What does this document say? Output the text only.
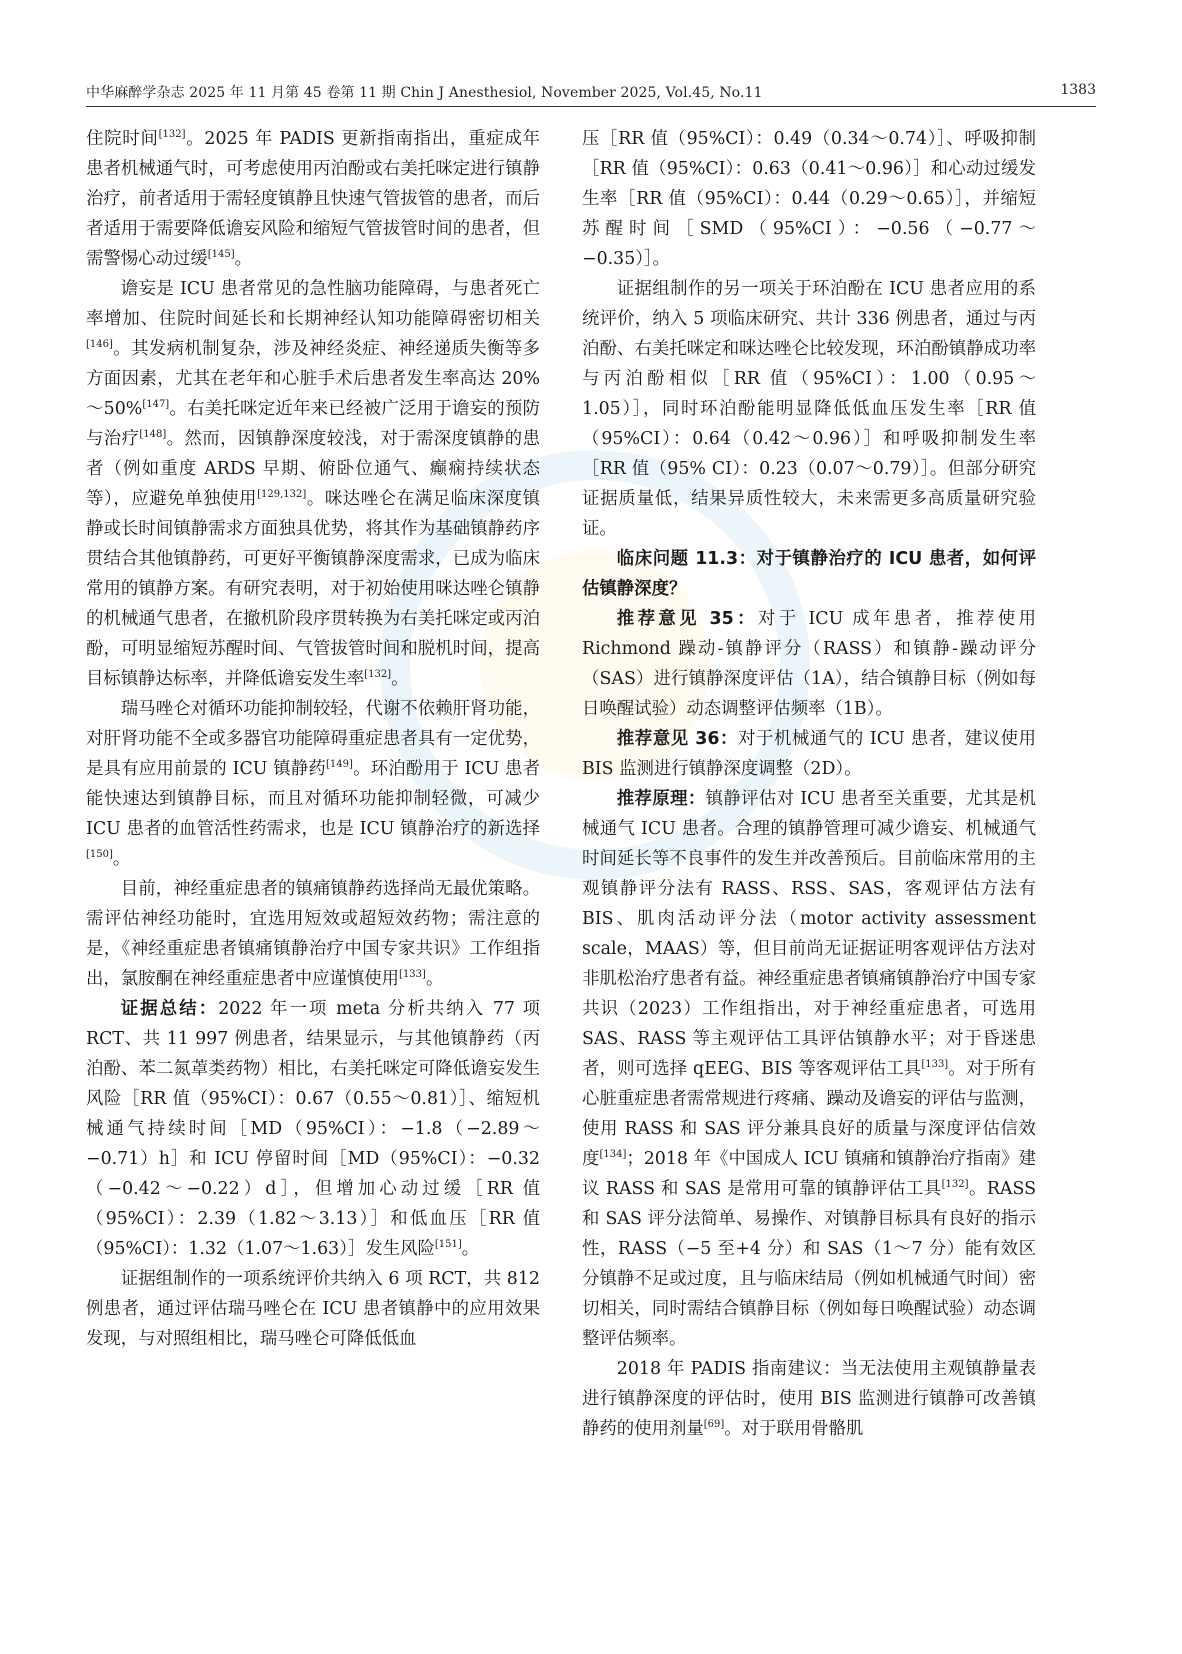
中华麻醉学杂志 2025 年 11 月第 45 卷第 11 期 Chin J Anesthesiol, November 2025, Vol.45, No.11	1383

住院时间[132]。2025 年 PADIS 更新指南指出，重症成年患者机械通气时，可考虑使用丙泊酚或右美托咪定进行镇静治疗，前者适用于需轻度镇静且快速气管拔管的患者，而后者适用于需要降低谵妄风险和缩短气管拔管时间的患者，但需警惕心动过缓[145]。

谵妄是 ICU 患者常见的急性脑功能障碍，与患者死亡率增加、住院时间延长和长期神经认知功能障碍密切相关[146]。其发病机制复杂，涉及神经炎症、神经递质失衡等多方面因素，尤其在老年和心脏手术后患者发生率高达 20%～50%[147]。右美托咪定近年来已经被广泛用于谵妄的预防与治疗[148]。然而，因镇静深度较浅，对于需深度镇静的患者（例如重度 ARDS 早期、俯卧位通气、癫痫持续状态等），应避免单独使用[129,132]。咪达唑仑在满足临床深度镇静或长时间镇静需求方面独具优势，将其作为基础镇静药序贯结合其他镇静药，可更好平衡镇静深度需求，已成为临床常用的镇静方案。有研究表明，对于初始使用咪达唑仑镇静的机械通气患者，在撤机阶段序贯转换为右美托咪定或丙泊酚，可明显缩短苏醒时间、气管拔管时间和脱机时间，提高目标镇静达标率，并降低谵妄发生率[132]。

瑞马唑仑对循环功能抑制较轻，代谢不依赖肝肾功能，对肝肾功能不全或多器官功能障碍重症患者具有一定优势，是具有应用前景的 ICU 镇静药[149]。环泊酚用于 ICU 患者能快速达到镇静目标，而且对循环功能抑制轻微，可减少 ICU 患者的血管活性药需求，也是 ICU 镇静治疗的新选择[150]。

目前，神经重症患者的镇痛镇静药选择尚无最优策略。需评估神经功能时，宜选用短效或超短效药物；需注意的是，《神经重症患者镇痛镇静治疗中国专家共识》工作组指出，氯胺酮在神经重症患者中应谨慎使用[133]。

证据总结：2022 年一项 meta 分析共纳入 77 项 RCT、共 11 997 例患者，结果显示，与其他镇静药（丙泊酚、苯二氮䓬类药物）相比，右美托咪定可降低谵妄发生风险［RR 值（95%CI）：0.67（0.55～0.81）］、缩短机械通气持续时间［MD（95%CI）：−1.8（−2.89～−0.71）h］和 ICU 停留时间［MD（95%CI）：−0.32（−0.42～−0.22）d］，但增加心动过缓［RR 值（95%CI）：2.39（1.82～3.13）］和低血压［RR 值（95%CI）：1.32（1.07～1.63）］发生风险[151]。

证据组制作的一项系统评价共纳入 6 项 RCT，共 812 例患者，通过评估瑞马唑仑在 ICU 患者镇静中的应用效果发现，与对照组相比，瑞马唑仑可降低低血

压［RR 值（95%CI）：0.49（0.34～0.74）］、呼吸抑制［RR 值（95%CI）：0.63（0.41～0.96）］和心动过缓发生率［RR 值（95%CI）：0.44（0.29～0.65）］，并缩短苏醒时间［SMD（95%CI）：−0.56（−0.77～−0.35）］。

证据组制作的另一项关于环泊酚在 ICU 患者应用的系统评价，纳入 5 项临床研究、共计 336 例患者，通过与丙泊酚、右美托咪定和咪达唑仑比较发现，环泊酚镇静成功率与丙泊酚相似［RR 值（95%CI）：1.00（0.95～1.05）］，同时环泊酚能明显降低低血压发生率［RR 值（95%CI）：0.64（0.42～0.96）］和呼吸抑制发生率［RR 值（95% CI）：0.23（0.07～0.79）］。但部分研究证据质量低，结果异质性较大，未来需更多高质量研究验证。

临床问题 11.3：对于镇静治疗的 ICU 患者，如何评估镇静深度？

推荐意见 35：对于 ICU 成年患者，推荐使用 Richmond 躁动-镇静评分（RASS）和镇静-躁动评分（SAS）进行镇静深度评估（1A），结合镇静目标（例如每日唤醒试验）动态调整评估频率（1B）。

推荐意见 36：对于机械通气的 ICU 患者，建议使用 BIS 监测进行镇静深度调整（2D）。

推荐原理：镇静评估对 ICU 患者至关重要，尤其是机械通气 ICU 患者。合理的镇静管理可减少谵妄、机械通气时间延长等不良事件的发生并改善预后。目前临床常用的主观镇静评分法有 RASS、RSS、SAS，客观评估方法有 BIS、肌肉活动评分法（motor activity assessment scale，MAAS）等，但目前尚无证据证明客观评估方法对非肌松治疗患者有益。神经重症患者镇痛镇静治疗中国专家共识（2023）工作组指出，对于神经重症患者，可选用 SAS、RASS 等主观评估工具评估镇静水平；对于昏迷患者，则可选择 qEEG、BIS 等客观评估工具[133]。对于所有心脏重症患者需常规进行疼痛、躁动及谵妄的评估与监测，使用 RASS 和 SAS 评分兼具良好的质量与深度评估信效度[134]；2018 年《中国成人 ICU 镇痛和镇静治疗指南》建议 RASS 和 SAS 是常用可靠的镇静评估工具[132]。RASS 和 SAS 评分法简单、易操作、对镇静目标具有良好的指示性，RASS（−5 至+4 分）和 SAS（1～7 分）能有效区分镇静不足或过度，且与临床结局（例如机械通气时间）密切相关，同时需结合镇静目标（例如每日唤醒试验）动态调整评估频率。

2018 年 PADIS 指南建议：当无法使用主观镇静量表进行镇静深度的评估时，使用 BIS 监测进行镇静可改善镇静药的使用剂量[69]。对于联用骨骼肌
